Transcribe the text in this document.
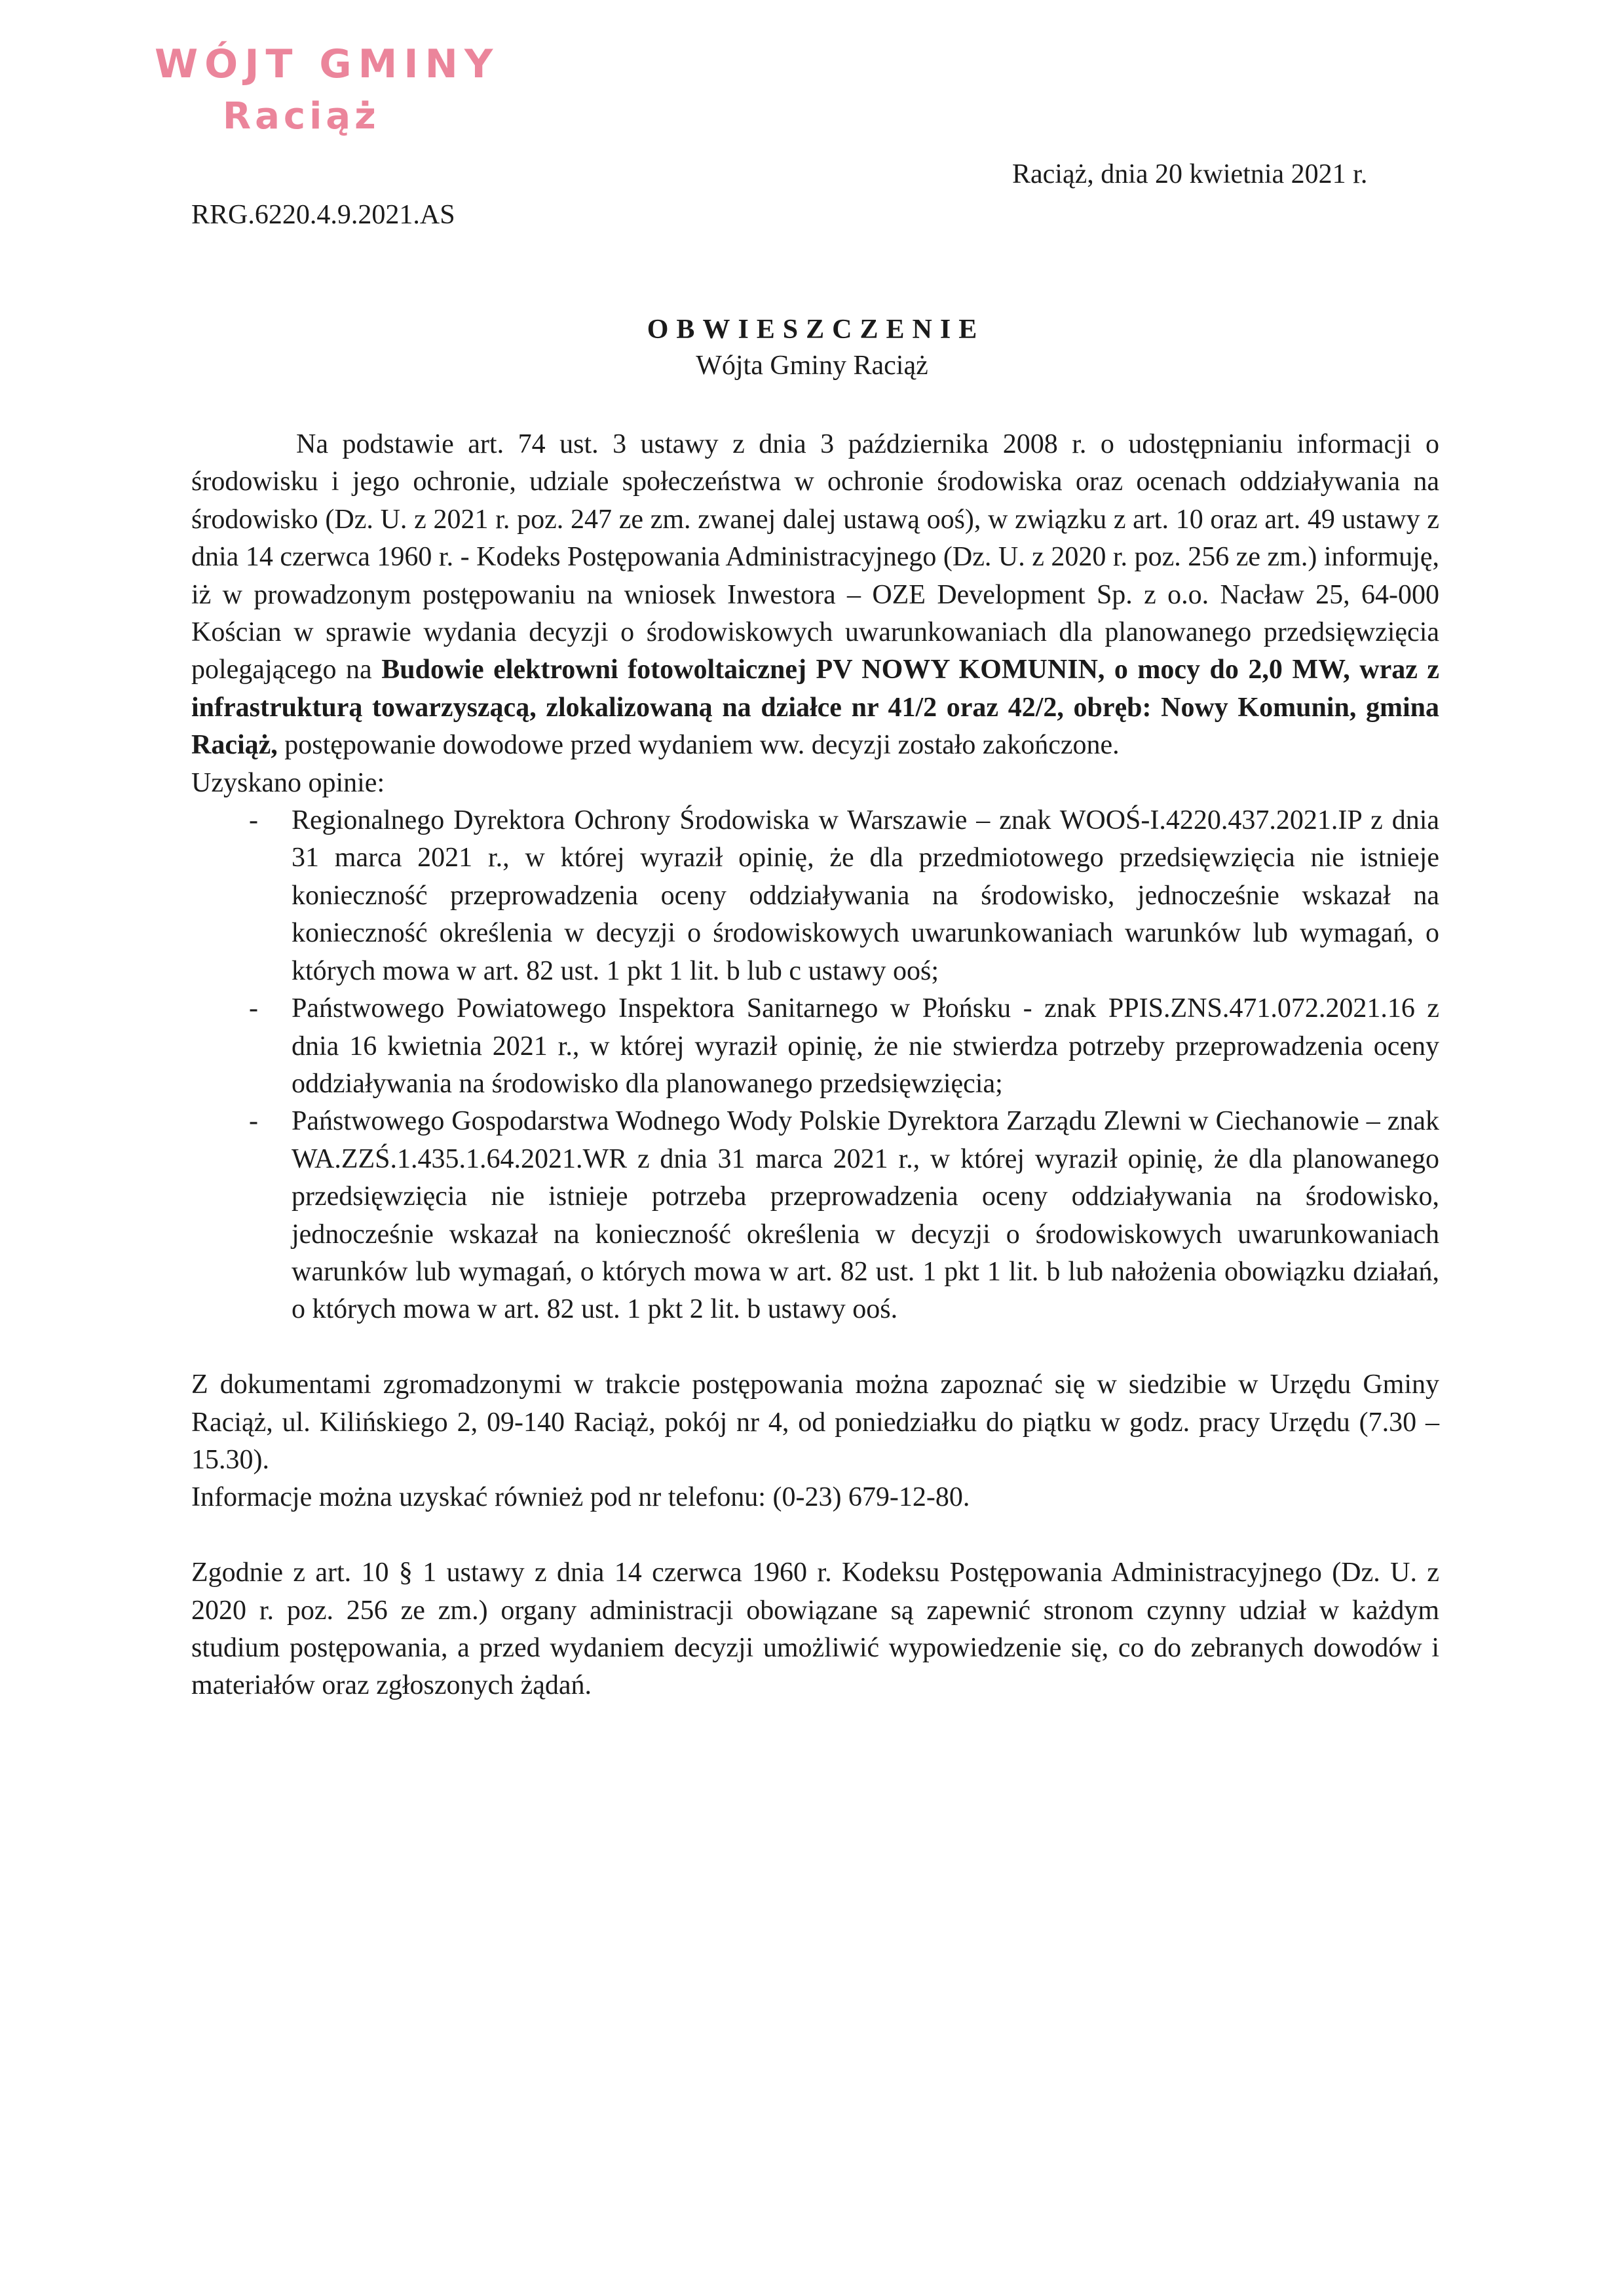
WÓJT GMINY
Raciąż
Raciąż, dnia 20 kwietnia 2021 r.
RRG.6220.4.9.2021.AS
OBWIESZCZENIE
Wójta Gminy Raciąż

Na podstawie art. 74 ust. 3 ustawy z dnia 3 października 2008 r. o udostępnianiu informacji o środowisku i jego ochronie, udziale społeczeństwa w ochronie środowiska oraz ocenach oddziaływania na środowisko (Dz. U. z 2021 r. poz. 247 ze zm. zwanej dalej ustawą ooś), w związku z art. 10 oraz art. 49 ustawy z dnia 14 czerwca 1960 r. - Kodeks Postępowania Administracyjnego (Dz. U. z 2020 r. poz. 256 ze zm.) informuję, iż w prowadzonym postępowaniu na wniosek Inwestora – OZE Development Sp. z o.o. Nacław 25, 64-000 Kościan w sprawie wydania decyzji o środowiskowych uwarunkowaniach dla planowanego przedsięwzięcia polegającego na Budowie elektrowni fotowoltaicznej PV NOWY KOMUNIN, o mocy do 2,0 MW, wraz z infrastrukturą towarzyszącą, zlokalizowaną na działce nr 41/2 oraz 42/2, obręb: Nowy Komunin, gmina Raciąż, postępowanie dowodowe przed wydaniem ww. decyzji zostało zakończone.

Uzyskano opinie:

- Regionalnego Dyrektora Ochrony Środowiska w Warszawie – znak WOOŚ-I.4220.437.2021.IP z dnia 31 marca 2021 r., w której wyraził opinię, że dla przedmiotowego przedsięwzięcia nie istnieje konieczność przeprowadzenia oceny oddziaływania na środowisko, jednocześnie wskazał na konieczność określenia w decyzji o środowiskowych uwarunkowaniach warunków lub wymagań, o których mowa w art. 82 ust. 1 pkt 1 lit. b lub c ustawy ooś;
- Państwowego Powiatowego Inspektora Sanitarnego w Płońsku - znak PPIS.ZNS.471.072.2021.16 z dnia 16 kwietnia 2021 r., w której wyraził opinię, że nie stwierdza potrzeby przeprowadzenia oceny oddziaływania na środowisko dla planowanego przedsięwzięcia;
- Państwowego Gospodarstwa Wodnego Wody Polskie Dyrektora Zarządu Zlewni w Ciechanowie – znak WA.ZZŚ.1.435.1.64.2021.WR z dnia 31 marca 2021 r., w której wyraził opinię, że dla planowanego przedsięwzięcia nie istnieje potrzeba przeprowadzenia oceny oddziaływania na środowisko, jednocześnie wskazał na konieczność określenia w decyzji o środowiskowych uwarunkowaniach warunków lub wymagań, o których mowa w art. 82 ust. 1 pkt 1 lit. b lub nałożenia obowiązku działań, o których mowa w art. 82 ust. 1 pkt 2 lit. b ustawy ooś.

Z dokumentami zgromadzonymi w trakcie postępowania można zapoznać się w siedzibie w Urzędu Gminy Raciąż, ul. Kilińskiego 2, 09-140 Raciąż, pokój nr 4, od poniedziałku do piątku w godz. pracy Urzędu (7.30 – 15.30).

Informacje można uzyskać również pod nr telefonu: (0-23) 679-12-80.

Zgodnie z art. 10 § 1 ustawy z dnia 14 czerwca 1960 r. Kodeksu Postępowania Administracyjnego (Dz. U. z 2020 r. poz. 256 ze zm.) organy administracji obowiązane są zapewnić stronom czynny udział w każdym studium postępowania, a przed wydaniem decyzji umożliwić wypowiedzenie się, co do zebranych dowodów i materiałów oraz zgłoszonych żądań.
